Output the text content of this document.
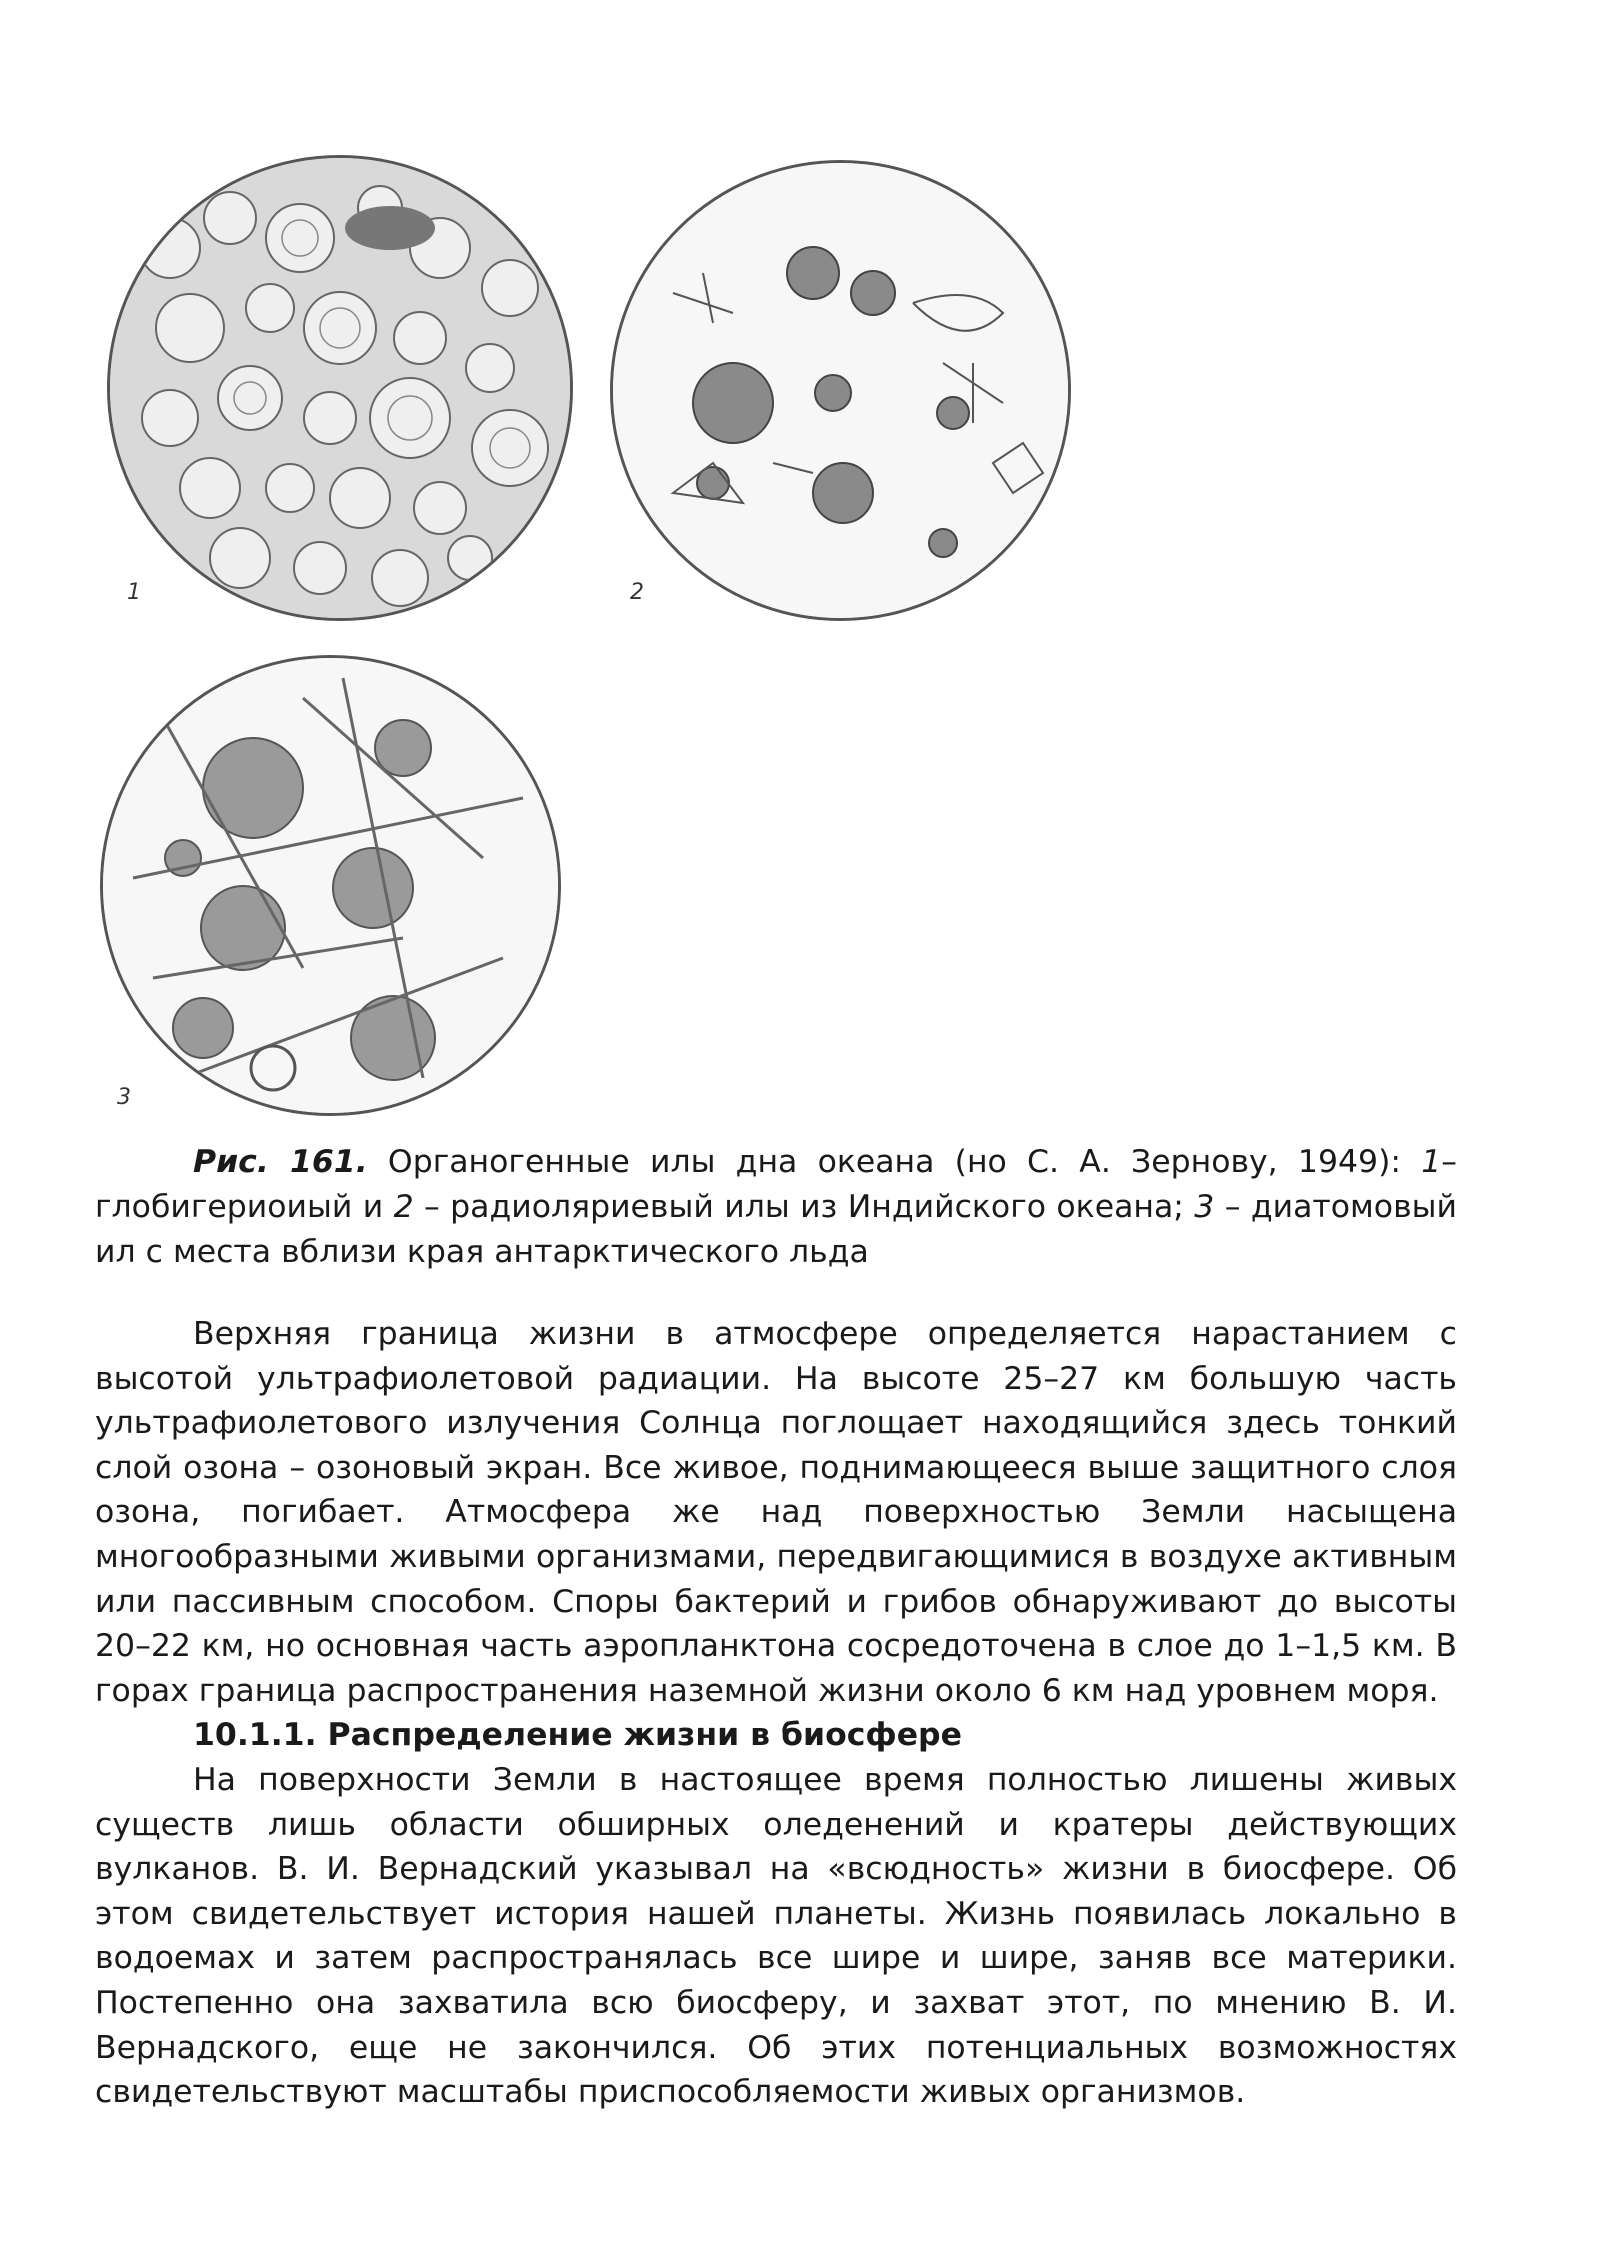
1	2
3
Рис. 161. Органогенные илы дна океана (но С. А. Зернову, 1949): 1– глобигериoиый и 2 – радиоляриевый илы из Индийского океана; 3 – диатомовый ил с места вблизи края антарктического льда

Верхняя граница жизни в атмосфере определяется нарастанием с высотой ультрафиолетовой радиации. На высоте 25–27 км большую часть ультрафиолетового излучения Солнца поглощает находящийся здесь тонкий слой озона – озоновый экран. Все живое, поднимающееся выше защитного слоя озона, погибает. Атмосфера же над поверхностью Земли насыщена многообразными живыми организмами, передвигающимися в воздухе активным или пассивным способом. Споры бактерий и грибов обнаруживают до высоты 20–22 км, но основная часть аэропланктона сосредоточена в слое до 1–1,5 км. В горах граница распространения наземной жизни около 6 км над уровнем моря.

10.1.1. Распределение жизни в биосфере

На поверхности Земли в настоящее время полностью лишены живых существ лишь области обширных оледенений и кратеры действующих вулканов. В. И. Вернадский указывал на «всюдность» жизни в биосфере. Об этом свидетельствует история нашей планеты. Жизнь появилась локально в водоемах и затем распространялась все шире и шире, заняв все материки. Постепенно она захватила всю биосферу, и захват этот, по мнению В. И. Вернадского, еще не закончился. Об этих потенциальных возможностях свидетельствуют масштабы приспособляемости живых организмов.
